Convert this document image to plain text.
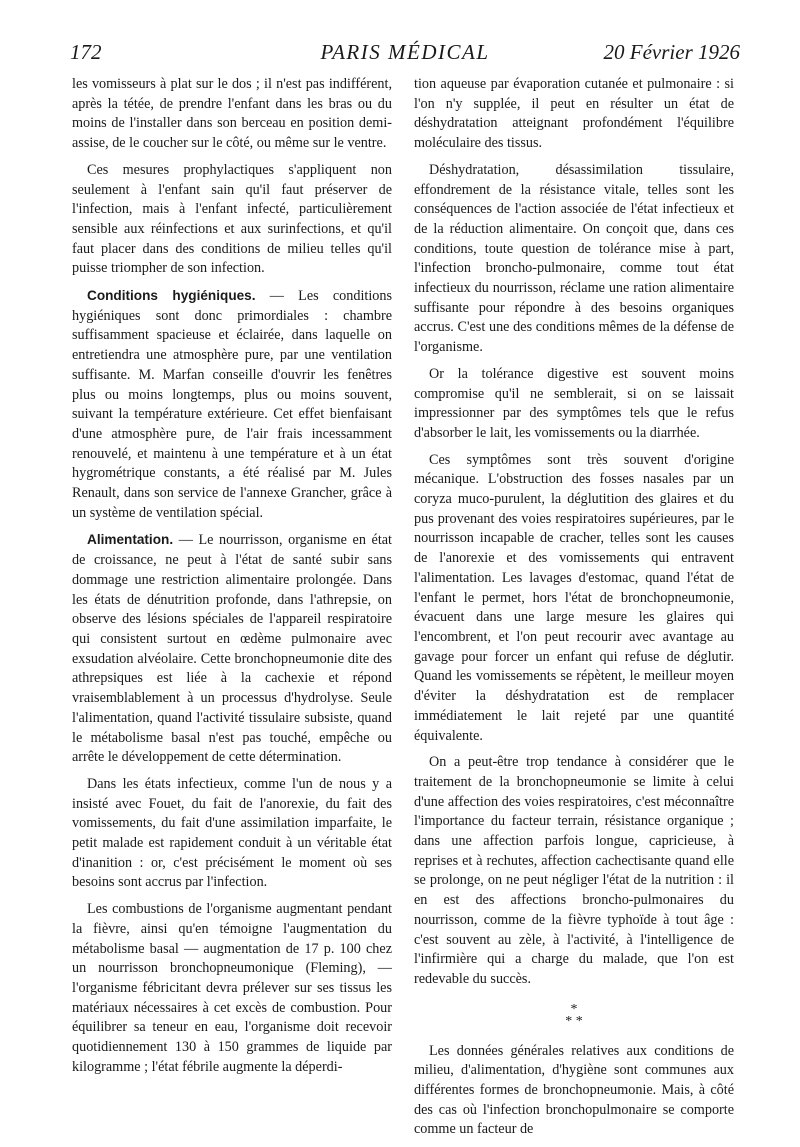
172	PARIS MÉDICAL	20 Février 1926

les vomisseurs à plat sur le dos ; il n'est pas indifférent, après la tétée, de prendre l'enfant dans les bras ou du moins de l'installer dans son berceau en position demi-assise, de le coucher sur le côté, ou même sur le ventre.

Ces mesures prophylactiques s'appliquent non seulement à l'enfant sain qu'il faut préserver de l'infection, mais à l'enfant infecté, particulièrement sensible aux réinfections et aux surinfections, et qu'il faut placer dans des conditions de milieu telles qu'il puisse triompher de son infection.

Conditions hygiéniques. — Les conditions hygiéniques sont donc primordiales : chambre suffisamment spacieuse et éclairée, dans laquelle on entretiendra une atmosphère pure, par une ventilation suffisante. M. Marfan conseille d'ouvrir les fenêtres plus ou moins longtemps, plus ou moins souvent, suivant la température extérieure. Cet effet bienfaisant d'une atmosphère pure, de l'air frais incessamment renouvelé, et maintenu à une température et à un état hygrométrique constants, a été réalisé par M. Jules Renault, dans son service de l'annexe Grancher, grâce à un système de ventilation spécial.

Alimentation. — Le nourrisson, organisme en état de croissance, ne peut à l'état de santé subir sans dommage une restriction alimentaire prolongée. Dans les états de dénutrition profonde, dans l'athrepsie, on observe des lésions spéciales de l'appareil respiratoire qui consistent surtout en œdème pulmonaire avec exsudation alvéolaire. Cette bronchopneumonie dite des athrepsiques est liée à la cachexie et répond vraisemblablement à un processus d'hydrolyse. Seule l'alimentation, quand l'activité tissulaire subsiste, quand le métabolisme basal n'est pas touché, empêche ou arrête le développement de cette détermination.

Dans les états infectieux, comme l'un de nous y a insisté avec Fouet, du fait de l'anorexie, du fait des vomissements, du fait d'une assimilation imparfaite, le petit malade est rapidement conduit à un véritable état d'inanition : or, c'est précisément le moment où ses besoins sont accrus par l'infection.

Les combustions de l'organisme augmentant pendant la fièvre, ainsi qu'en témoigne l'augmentation du métabolisme basal — augmentation de 17 p. 100 chez un nourrisson bronchopneumonique (Fleming), — l'organisme fébricitant devra prélever sur ses tissus les matériaux nécessaires à cet excès de combustion. Pour équilibrer sa teneur en eau, l'organisme doit recevoir quotidiennement 130 à 150 grammes de liquide par kilogramme ; l'état fébrile augmente la déperdi-

tion aqueuse par évaporation cutanée et pulmonaire : si l'on n'y supplée, il peut en résulter un état de déshydratation atteignant profondément l'équilibre moléculaire des tissus.

Déshydratation, désassimilation tissulaire, effondrement de la résistance vitale, telles sont les conséquences de l'action associée de l'état infectieux et de la réduction alimentaire. On conçoit que, dans ces conditions, toute question de tolérance mise à part, l'infection broncho-pulmonaire, comme tout état infectieux du nourrisson, réclame une ration alimentaire suffisante pour répondre à des besoins organiques accrus. C'est une des conditions mêmes de la défense de l'organisme.

Or la tolérance digestive est souvent moins compromise qu'il ne semblerait, si on se laissait impressionner par des symptômes tels que le refus d'absorber le lait, les vomissements ou la diarrhée.

Ces symptômes sont très souvent d'origine mécanique. L'obstruction des fosses nasales par un coryza muco-purulent, la déglutition des glaires et du pus provenant des voies respiratoires supérieures, par le nourrisson incapable de cracher, telles sont les causes de l'anorexie et des vomissements qui entravent l'alimentation. Les lavages d'estomac, quand l'état de l'enfant le permet, hors l'état de bronchopneumonie, évacuent dans une large mesure les glaires qui l'encombrent, et l'on peut recourir avec avantage au gavage pour forcer un enfant qui refuse de déglutir. Quand les vomissements se répètent, le meilleur moyen d'éviter la déshydratation est de remplacer immédiatement le lait rejeté par une quantité équivalente.

On a peut-être trop tendance à considérer que le traitement de la bronchopneumonie se limite à celui d'une affection des voies respiratoires, c'est méconnaître l'importance du facteur terrain, résistance organique ; dans une affection parfois longue, capricieuse, à reprises et à rechutes, affection cachectisante quand elle se prolonge, on ne peut négliger l'état de la nutrition : il en est des affections broncho-pulmonaires du nourrisson, comme de la fièvre typhoïde à tout âge : c'est souvent au zèle, à l'activité, à l'intelligence de l'infirmière qui a charge du malade, que l'on est redevable du succès.

*
* *

Les données générales relatives aux conditions de milieu, d'alimentation, d'hygiène sont communes aux différentes formes de bronchopneumonie. Mais, à côté des cas où l'infection bronchopulmonaire se comporte comme un facteur de
